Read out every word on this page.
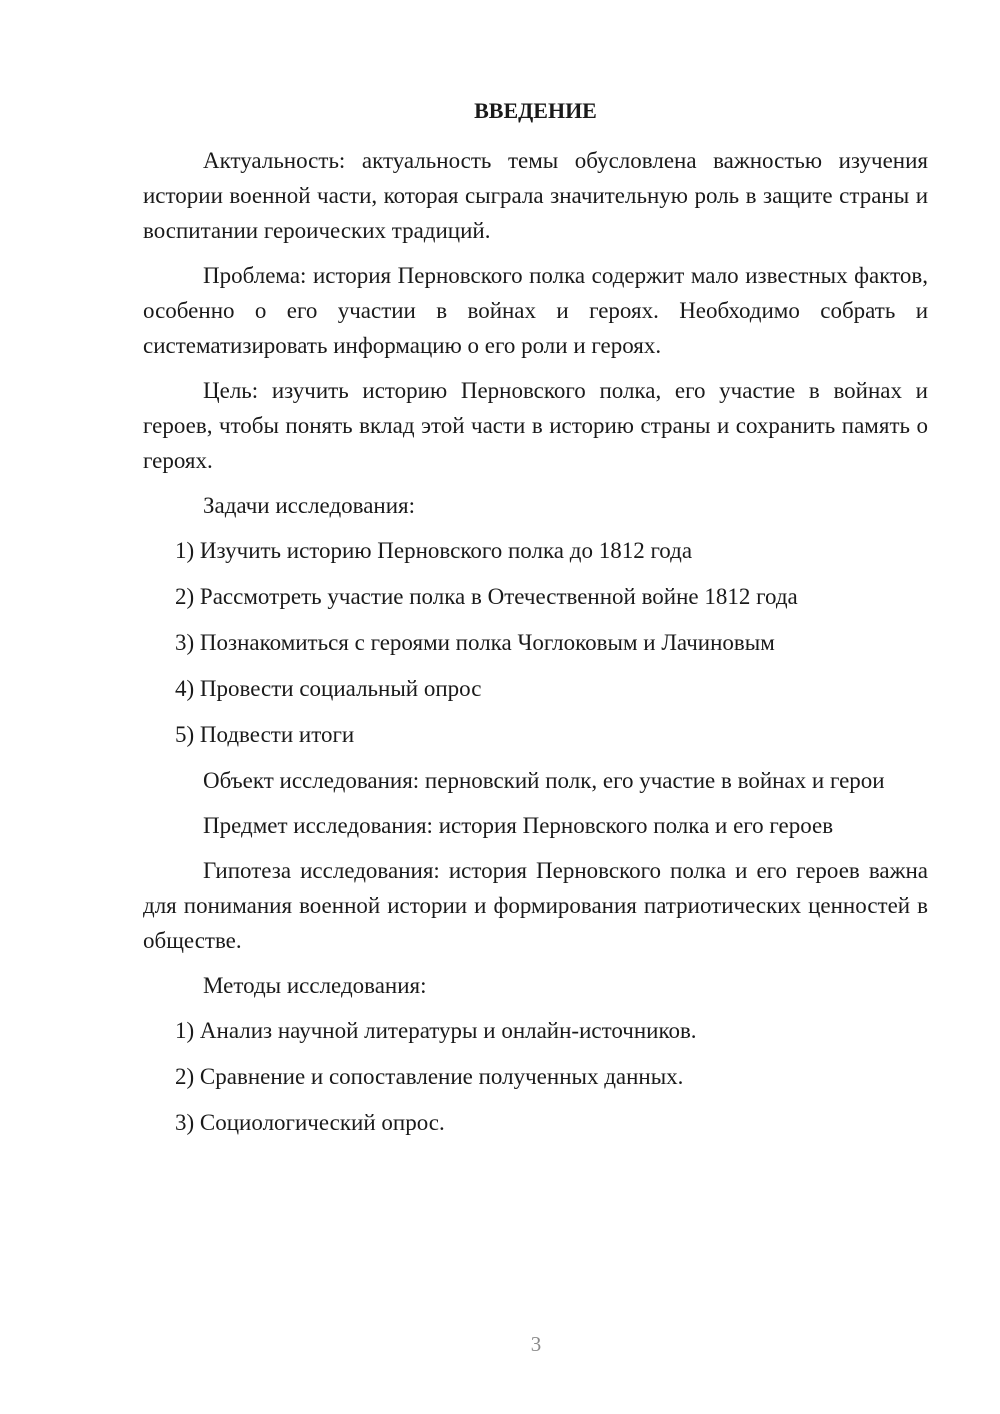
ВВЕДЕНИЕ

Актуальность: актуальность темы обусловлена важностью изучения истории военной части, которая сыграла значительную роль в защите страны и воспитании героических традиций.

Проблема: история Перновского полка содержит мало известных фактов, особенно о его участии в войнах и героях. Необходимо собрать и систематизировать информацию о его роли и героях.

Цель: изучить историю Перновского полка, его участие в войнах и героев, чтобы понять вклад этой части в историю страны и сохранить память о героях.

Задачи исследования:

1) Изучить историю Перновского полка до 1812 года
2) Рассмотреть участие полка в Отечественной войне 1812 года
3) Познакомиться с героями полка Чоглоковым и Лачиновым
4) Провести социальный опрос
5) Подвести итоги

Объект исследования: перновский полк, его участие в войнах и герои

Предмет исследования: история Перновского полка и его героев

Гипотеза исследования: история Перновского полка и его героев важна для понимания военной истории и формирования патриотических ценностей в обществе.

Методы исследования:

1) Анализ научной литературы и онлайн-источников.
2) Сравнение и сопоставление полученных данных.
3) Социологический опрос.
3
